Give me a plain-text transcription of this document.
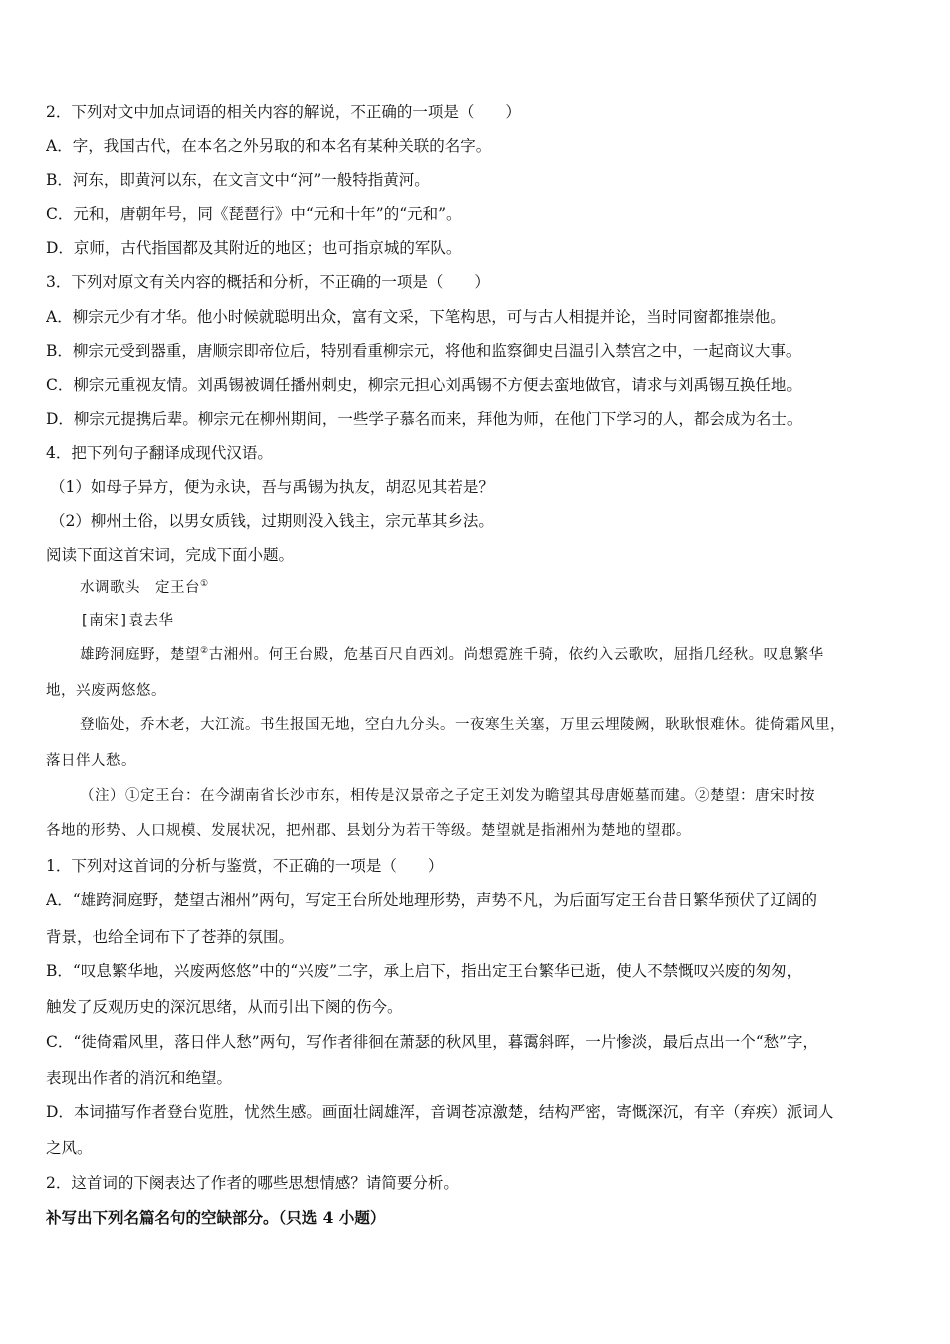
2．下列对文中加点词语的相关内容的解说，不正确的一项是（　　）
A．字，我国古代，在本名之外另取的和本名有某种关联的名字。
B．河东，即黄河以东，在文言文中“河”一般特指黄河。
C．元和，唐朝年号，同《琵琶行》中“元和十年”的“元和”。
D．京师，古代指国都及其附近的地区；也可指京城的军队。
3．下列对原文有关内容的概括和分析，不正确的一项是（　　）
A．柳宗元少有才华。他小时候就聪明出众，富有文采，下笔构思，可与古人相提并论，当时同窗都推崇他。
B．柳宗元受到器重，唐顺宗即帝位后，特别看重柳宗元，将他和监察御史吕温引入禁宫之中，一起商议大事。
C．柳宗元重视友情。刘禹锡被调任播州刺史，柳宗元担心刘禹锡不方便去蛮地做官，请求与刘禹锡互换任地。
D．柳宗元提携后辈。柳宗元在柳州期间，一些学子慕名而来，拜他为师，在他门下学习的人，都会成为名士。
4．把下列句子翻译成现代汉语。
（1）如母子异方，便为永诀，吾与禹锡为执友，胡忍见其若是？
（2）柳州土俗，以男女质钱，过期则没入钱主，宗元革其乡法。
阅读下面这首宋词，完成下面小题。
水调歌头　定王台①
[南宋]袁去华
雄跨洞庭野，楚望②古湘州。何王台殿，危基百尺自西刘。尚想霓旌千骑，依约入云歌吹，屈指几经秋。叹息繁华
地，兴废两悠悠。
登临处，乔木老，大江流。书生报国无地，空白九分头。一夜寒生关塞，万里云埋陵阙，耿耿恨难休。徙倚霜风里，
落日伴人愁。
（注）①定王台：在今湖南省长沙市东，相传是汉景帝之子定王刘发为瞻望其母唐姬墓而建。②楚望：唐宋时按
各地的形势、人口规模、发展状况，把州郡、县划分为若干等级。楚望就是指湘州为楚地的望郡。
1．下列对这首词的分析与鉴赏，不正确的一项是（　　）
A．“雄跨洞庭野，楚望古湘州”两句，写定王台所处地理形势，声势不凡，为后面写定王台昔日繁华预伏了辽阔的
背景，也给全词布下了苍莽的氛围。
B．“叹息繁华地，兴废两悠悠”中的“兴废”二字，承上启下，指出定王台繁华已逝，使人不禁慨叹兴废的匆匆，
触发了反观历史的深沉思绪，从而引出下阕的伤今。
C．“徙倚霜风里，落日伴人愁”两句，写作者徘徊在萧瑟的秋风里，暮霭斜晖，一片惨淡，最后点出一个“愁”字，
表现出作者的消沉和绝望。
D．本词描写作者登台览胜，忧然生感。画面壮阔雄浑，音调苍凉激楚，结构严密，寄慨深沉，有辛（弃疾）派词人
之风。
2．这首词的下阕表达了作者的哪些思想情感？请简要分析。
补写出下列名篇名句的空缺部分。（只选 4 小题）
